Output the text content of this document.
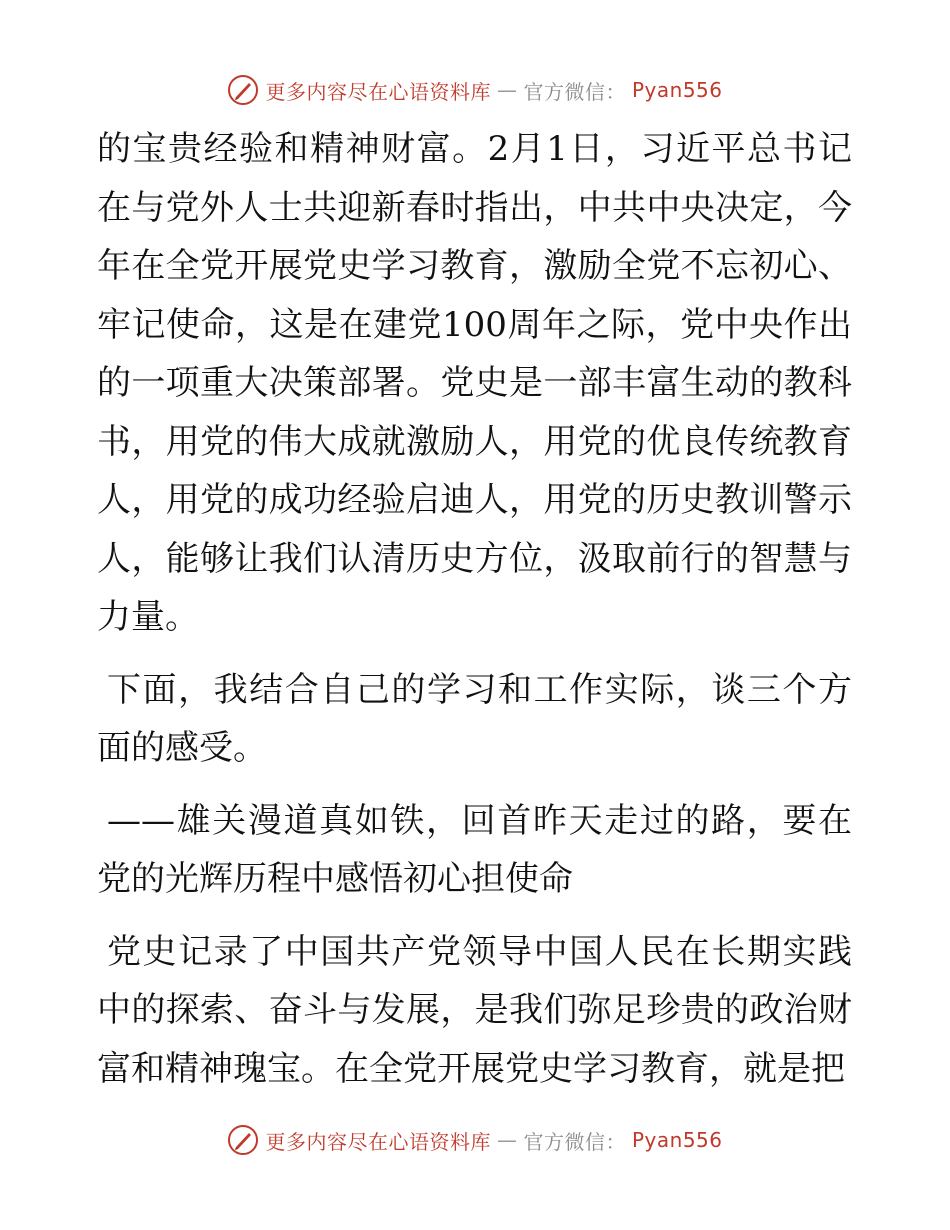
更多内容尽在心语资料库 — 官方微信： Pyan556

的宝贵经验和精神财富。2月1日，习近平总书记在与党外人士共迎新春时指出，中共中央决定，今年在全党开展党史学习教育，激励全党不忘初心、牢记使命，这是在建党100周年之际，党中央作出的一项重大决策部署。党史是一部丰富生动的教科书，用党的伟大成就激励人，用党的优良传统教育人，用党的成功经验启迪人，用党的历史教训警示人，能够让我们认清历史方位，汲取前行的智慧与力量。

下面，我结合自己的学习和工作实际，谈三个方面的感受。

——雄关漫道真如铁，回首昨天走过的路，要在党的光辉历程中感悟初心担使命

党史记录了中国共产党领导中国人民在长期实践中的探索、奋斗与发展，是我们弥足珍贵的政治财富和精神瑰宝。在全党开展党史学习教育，就是把

更多内容尽在心语资料库 — 官方微信： Pyan556
